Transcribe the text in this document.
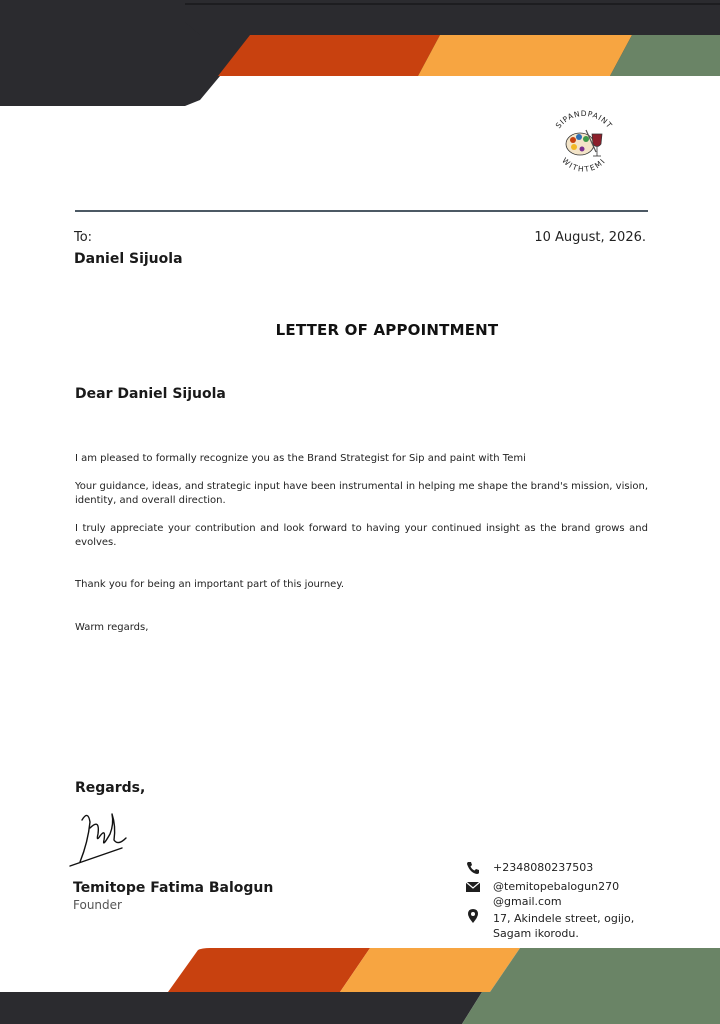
SIPANDPAINT
WITHTEMI
To:	10 August, 2026.
Daniel Sijuola
LETTER OF APPOINTMENT
Dear Daniel Sijuola
I am pleased to formally recognize you as the Brand Strategist for Sip and paint with Temi
Your guidance, ideas, and strategic input have been instrumental in helping me shape the brand's mission, vision, identity, and overall direction.
I truly appreciate your contribution and look forward to having your continued insight as the brand grows and evolves.
Thank you for being an important part of this journey.
Warm regards,
Regards,
Temitope Fatima Balogun
Founder
+2348080237503
@temitopebalogun270
@gmail.com
17, Akindele street, ogijo,
Sagam ikorodu.
